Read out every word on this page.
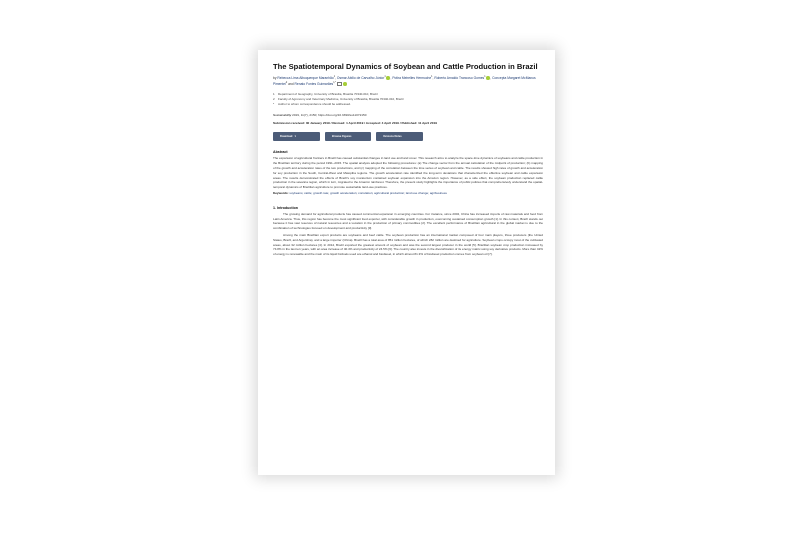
The Spatiotemporal Dynamics of Soybean and Cattle Production in Brazil
by Rebecca Lima Albuquerque Maranhão$^1$, Osmar Abílio de Carvalho Júnior$^1$ , Potira Meirelles Hermuche$^1$, Roberto Arnaldo Trancoso Gomes$^1$ , Concepta Margaret McManus Pimentel$^2$ and Renato Fontes Guimarães$^{1,*}$
1 Department of Geography, University of Brasília, Brasília 70340-010, Brazil
2 Faculty of Agronomy and Veterinary Medicine, University of Brasília, Brasília 70340-010, Brazil
* Author to whom correspondence should be addressed.
Sustainability 2019, 11(7), 2150; https://doi.org/10.3390/su11072150
Submission received: 30 January 2019 / Revised: 1 April 2019 / Accepted: 4 April 2019 / Published: 11 April 2019
Download ▼	Browse Figures	Versions Notes
Abstract
The expansion of agricultural frontiers in Brazil has caused substantial changes in land use and land cover. This research aims to analyze the space-time dynamics of soybeans and cattle production in the Brazilian territory during the period 1991–2015. The spatial analysis adopted the following procedures: (a) The change vector from the annual calculation of the midpoint of production; (b) mapping of the growth and acceleration rates of the two productions, and (c) mapping of the correlation between the time series of soybean and cattle. The results showed high rates of growth and acceleration for soy production in the South, Central-West and Matopiba regions. The growth acceleration rate identified the long-term deviations that characterized the effective soybean and cattle expansion areas. The results demonstrated the effects of Brazil's soy moratorium contained soybean expansion into the Amazon region. However, as a side effect, the soybean production replaced cattle production in the savanna region, which in turn, migrated to the Amazon rainforest. Therefore, the present study highlights the importance of public policies that comprehensively understand the spatial-temporal dynamics of Brazilian agriculture to promote sustainable land-use practices.
Keywords: soybeans; cattle; growth rate; growth acceleration; correlation; agricultural production; land use change; agribusiness
1. Introduction
The growing demand for agricultural products has caused commercial expansion in emerging countries. For instance, since 2002, China has increased imports of raw materials and food from Latin America. Thus, this region has become the most significant food exporter, with considerable growth in production, overcoming sustained consumption growth [1]. In this context, Brazil stands out because it has vast reserves of natural resources and a vocation in the production of primary commodities [2]. The excellent performance of Brazilian agricultural in the global market is due to the combination of technologies focused on development and productivity [3].
Among the main Brazilian export products are soybeans and beef cattle. The soybean production has an international market composed of four main players, three producers (the United States, Brazil, and Argentina), and a large importer (China). Brazil has a total area of 851 million hectares, of which 282 million are destined for agriculture. Soybean crops occupy most of the cultivated areas, about 32 million hectares [4]. In 2014, Brazil exported the greatest amount of soybean and was the second largest producer in the world [5]. Brazilian soybean crop production increased by 74.8% in the last ten years, with an area increase of 40.4% and productivity of 24.5% [6]. The country also invests in the diversification of its energy matrix using soy derivative products. More than 42% of energy is renewable and the main of its liquid biofuels used are ethanol and biodiesel, in which almost 81.3% of biodiesel production comes from soybean oil [7].
